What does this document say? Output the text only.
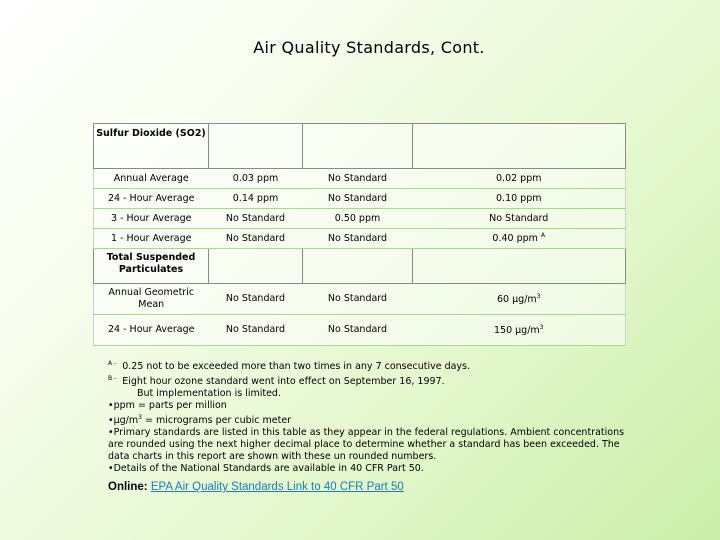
Air Quality Standards, Cont.
Sulfur Dioxide (SO2)			
Annual Average	0.03 ppm	No Standard	0.02 ppm
24 - Hour Average	0.14 ppm	No Standard	0.10 ppm
3 - Hour Average	No Standard	0.50 ppm	No Standard
1 - Hour Average	No Standard	No Standard	0.40 ppm $^A$
Total Suspended Particulates			
Annual Geometric Mean	No Standard	No Standard	60 $\mu g/m^3$
24 - Hour Average	No Standard	No Standard	150 $\mu g/m^3$

$^{A -}$ 0.25 not to be exceeded more than two times in any 7 consecutive days.

$^{B -}$ Eight hour ozone standard went into effect on September 16, 1997.

But implementation is limited.

•ppm = parts per million

$•\mu g/m^3$ = micrograms per cubic meter

•Primary standards are listed in this table as they appear in the federal regulations. Ambient concentrations are rounded using the next higher decimal place to determine whether a standard has been exceeded. The data charts in this report are shown with these un rounded numbers.

•Details of the National Standards are available in 40 CFR Part 50.

Online: EPA Air Quality Standards Link to 40 CFR Part 50
